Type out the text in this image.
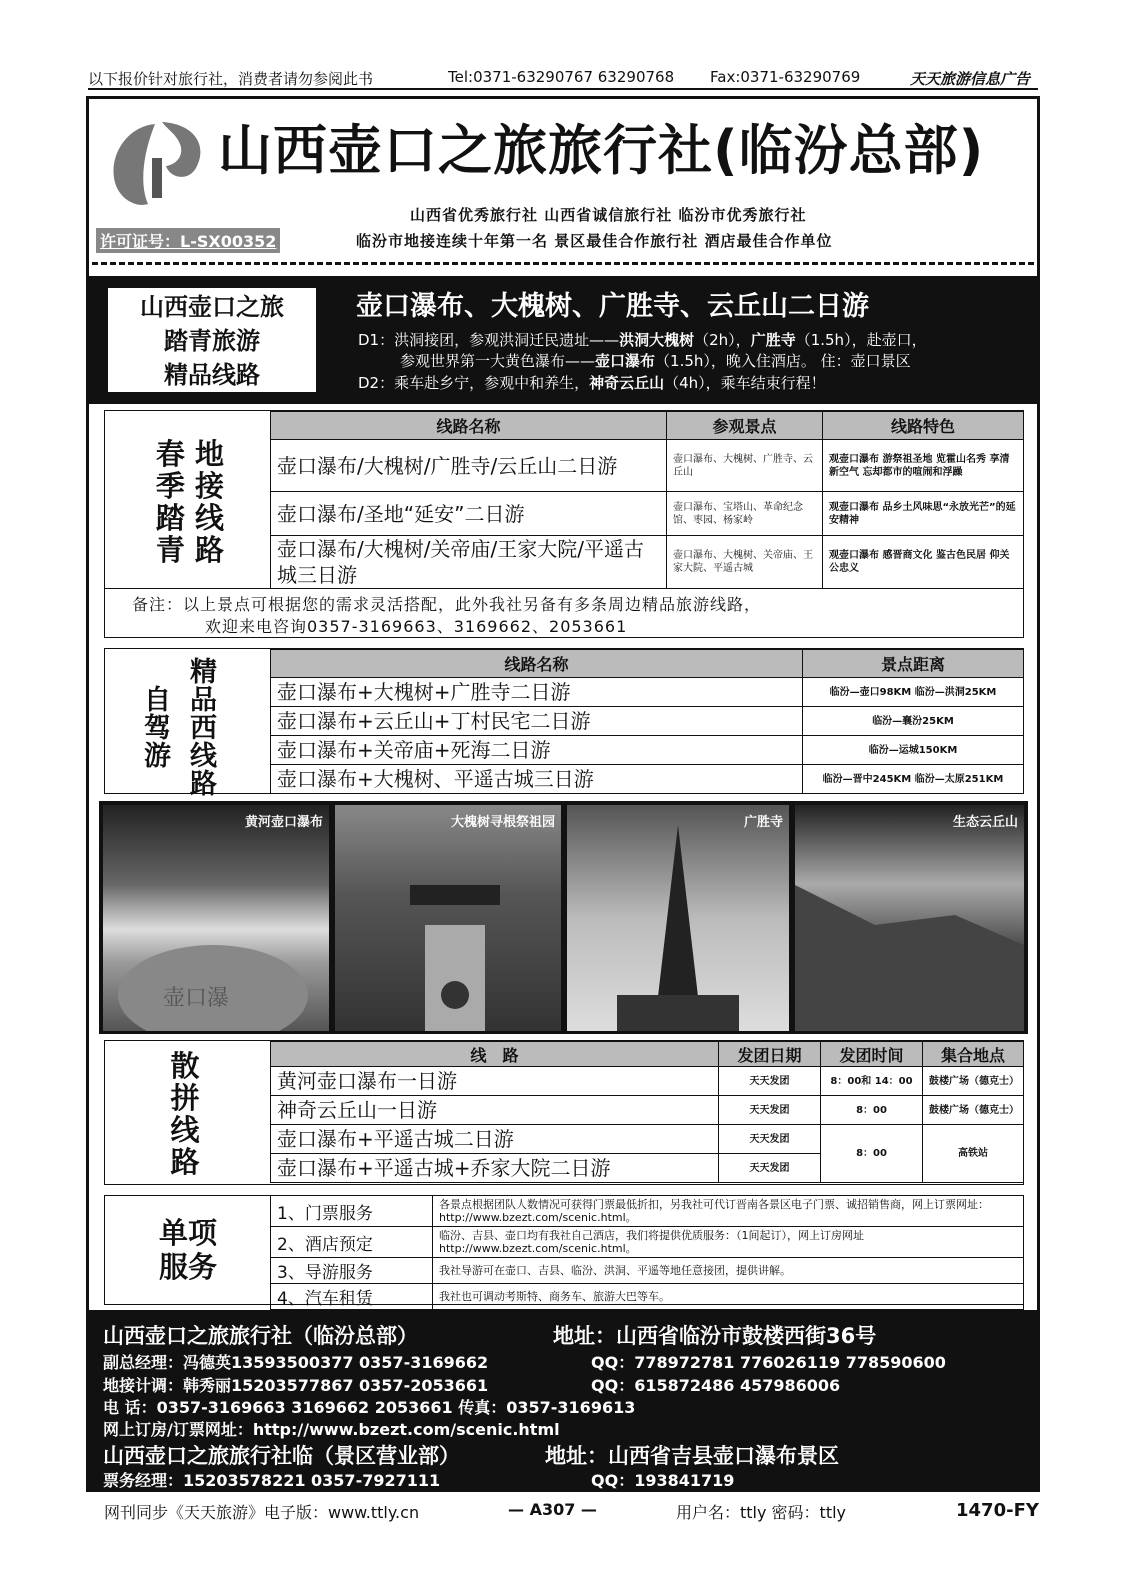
以下报价针对旅行社，消费者请勿参阅此书	Tel:0371-63290767 63290768 Fax:0371-63290769	天天旅游信息广告
山西壶口之旅旅行社(临汾总部)
山西省优秀旅行社 山西省诚信旅行社 临汾市优秀旅行社
许可证号：L-SX00352	临汾市地接连续十年第一名 景区最佳合作旅行社 酒店最佳合作单位
山西壶口之旅
踏青旅游
精品线路
壶口瀑布、大槐树、广胜寺、云丘山二日游
D1：洪洞接团，参观洪洞迁民遗址——洪洞大槐树（2h），广胜寺（1.5h），赴壶口，
参观世界第一大黄色瀑布——壶口瀑布（1.5h），晚入住酒店。 住：壶口景区
D2：乘车赴乡宁，参观中和养生，神奇云丘山（4h），乘车结束行程！
春 地
季 接
踏 线
青 路
线路名称	参观景点	线路特色
壶口瀑布/大槐树/广胜寺/云丘山二日游	壶口瀑布、大槐树、广胜寺、云丘山	观壶口瀑布 游祭祖圣地 览霍山名秀 享清新空气 忘却都市的喧闹和浮躁
壶口瀑布/圣地“延安”二日游	壶口瀑布、宝塔山、革命纪念馆、枣园、杨家岭	观壶口瀑布 品乡土风味思“永放光芒”的延安精神
壶口瀑布/大槐树/关帝庙/王家大院/平遥古城三日游	壶口瀑布、大槐树、关帝庙、王家大院、平遥古城	观壶口瀑布 感晋商文化 鉴古色民居 仰关公忠义
备注：以上景点可根据您的需求灵活搭配，此外我社另备有多条周边精品旅游线路，
欢迎来电咨询0357-3169663、3169662、2053661
精
自 品
驾 西
游 线
路
线路名称	景点距离
壶口瀑布+大槐树+广胜寺二日游	临汾—壶口98KM 临汾—洪洞25KM
壶口瀑布+云丘山+丁村民宅二日游	临汾—襄汾25KM
壶口瀑布+关帝庙+死海二日游	临汾—运城150KM
壶口瀑布+大槐树、平遥古城三日游	临汾—晋中245KM 临汾—太原251KM
壶口瀑
黄河壶口瀑布	大槐树寻根祭祖园	广胜寺	生态云丘山
散
拼
线
路
线　路	发团日期	发团时间	集合地点
黄河壶口瀑布一日游	天天发团	8：00和 14：00	鼓楼广场（德克士）
神奇云丘山一日游	天天发团	8：00	鼓楼广场（德克士）
壶口瀑布+平遥古城二日游	天天发团	8：00	高铁站
壶口瀑布+平遥古城+乔家大院二日游	天天发团		
单项
服务
1、门票服务	各景点根据团队人数情况可获得门票最低折扣，另我社可代订晋南各景区电子门票、诚招销售商，网上订票网址：http://www.bzezt.com/scenic.html。
2、酒店预定	临汾、吉县、壶口均有我社自己酒店，我们将提供优质服务：（1间起订），网上订房网址http://www.bzezt.com/scenic.html。
3、导游服务	我社导游可在壶口、吉县、临汾、洪洞、平遥等地任意接团，提供讲解。
4、汽车租赁	我社也可调动考斯特、商务车、旅游大巴等车。
山西壶口之旅旅行社（临汾总部）	地址：山西省临汾市鼓楼西街36号
副总经理：冯德英13593500377 0357-3169662	QQ：778972781 776026119 778590600
地接计调：韩秀丽15203577867 0357-2053661	QQ：615872486 457986006
电 话：0357-3169663 3169662 2053661 传真：0357-3169613
网上订房/订票网址：http://www.bzezt.com/scenic.html
山西壶口之旅旅行社临（景区营业部）	地址：山西省吉县壶口瀑布景区
票务经理：15203578221 0357-7927111	QQ：193841719
网刊同步《天天旅游》电子版：www.ttly.cn	— A307 —	用户名：ttly 密码：ttly	1470-FY
